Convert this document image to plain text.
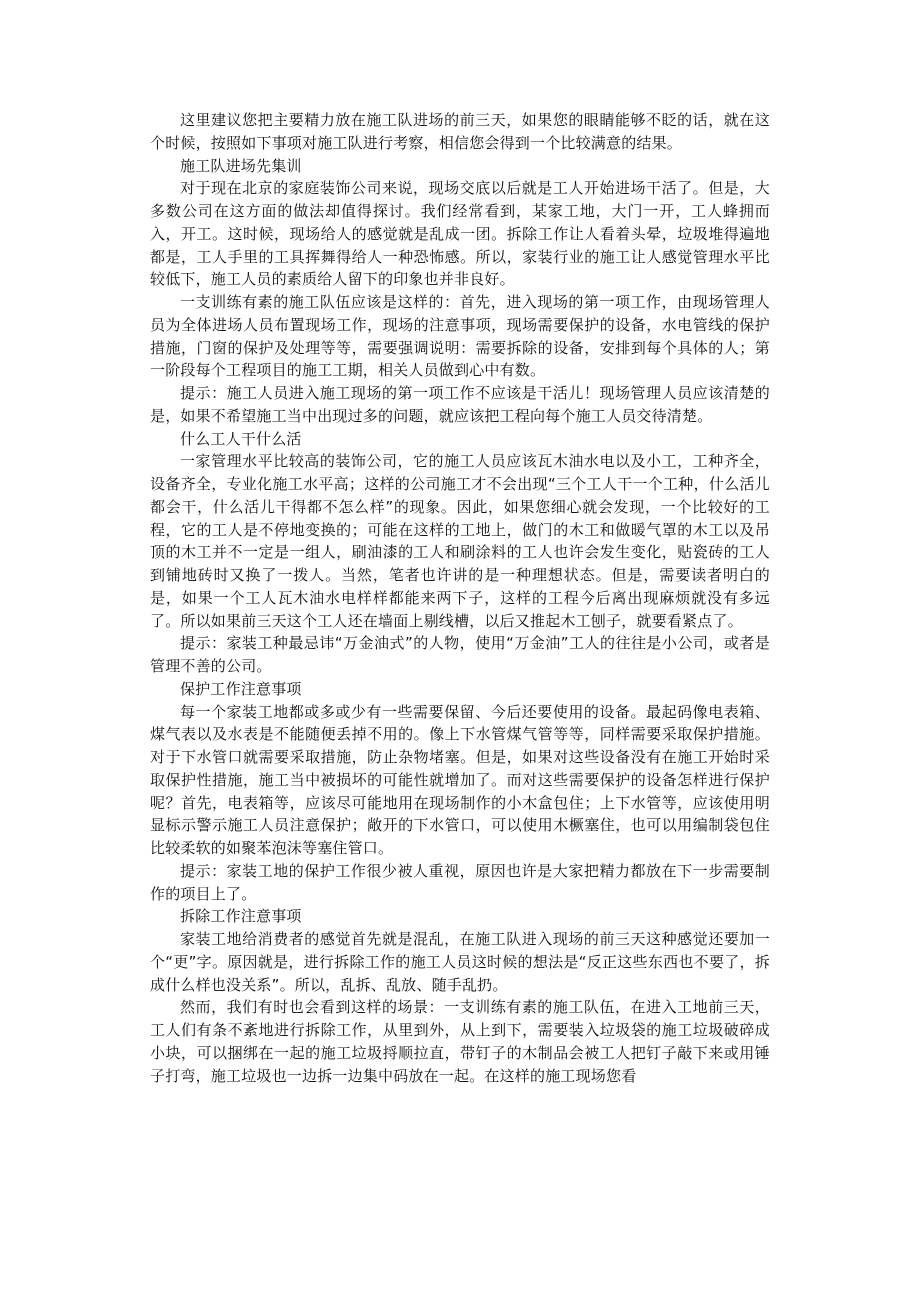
这里建议您把主要精力放在施工队进场的前三天，如果您的眼睛能够不眨的话，就在这个时候，按照如下事项对施工队进行考察，相信您会得到一个比较满意的结果。

施工队进场先集训

对于现在北京的家庭装饰公司来说，现场交底以后就是工人开始进场干活了。但是，大多数公司在这方面的做法却值得探讨。我们经常看到，某家工地，大门一开，工人蜂拥而入，开工。这时候，现场给人的感觉就是乱成一团。拆除工作让人看着头晕，垃圾堆得遍地都是，工人手里的工具挥舞得给人一种恐怖感。所以，家装行业的施工让人感觉管理水平比较低下，施工人员的素质给人留下的印象也并非良好。

一支训练有素的施工队伍应该是这样的：首先，进入现场的第一项工作，由现场管理人员为全体进场人员布置现场工作，现场的注意事项，现场需要保护的设备，水电管线的保护措施，门窗的保护及处理等等，需要强调说明：需要拆除的设备，安排到每个具体的人；第一阶段每个工程项目的施工工期，相关人员做到心中有数。

提示：施工人员进入施工现场的第一项工作不应该是干活儿！现场管理人员应该清楚的是，如果不希望施工当中出现过多的问题，就应该把工程向每个施工人员交待清楚。

什么工人干什么活

一家管理水平比较高的装饰公司，它的施工人员应该瓦木油水电以及小工，工种齐全，设备齐全，专业化施工水平高；这样的公司施工才不会出现“三个工人干一个工种，什么活儿都会干，什么活儿干得都不怎么样”的现象。因此，如果您细心就会发现，一个比较好的工程，它的工人是不停地变换的；可能在这样的工地上，做门的木工和做暖气罩的木工以及吊顶的木工并不一定是一组人，刷油漆的工人和刷涂料的工人也许会发生变化，贴瓷砖的工人到铺地砖时又换了一拨人。当然，笔者也许讲的是一种理想状态。但是，需要读者明白的是，如果一个工人瓦木油水电样样都能来两下子，这样的工程今后离出现麻烦就没有多远了。所以如果前三天这个工人还在墙面上剔线槽，以后又推起木工刨子，就要看紧点了。

提示：家装工种最忌讳“万金油式”的人物，使用“万金油”工人的往往是小公司，或者是管理不善的公司。

保护工作注意事项

每一个家装工地都或多或少有一些需要保留、今后还要使用的设备。最起码像电表箱、煤气表以及水表是不能随便丢掉不用的。像上下水管煤气管等等，同样需要采取保护措施。对于下水管口就需要采取措施，防止杂物堵塞。但是，如果对这些设备没有在施工开始时采取保护性措施，施工当中被损坏的可能性就增加了。而对这些需要保护的设备怎样进行保护呢？首先，电表箱等，应该尽可能地用在现场制作的小木盒包住；上下水管等，应该使用明显标示警示施工人员注意保护；敞开的下水管口，可以使用木橛塞住，也可以用编制袋包住比较柔软的如聚苯泡沫等塞住管口。

提示：家装工地的保护工作很少被人重视，原因也许是大家把精力都放在下一步需要制作的项目上了。

拆除工作注意事项

家装工地给消费者的感觉首先就是混乱，在施工队进入现场的前三天这种感觉还要加一个“更”字。原因就是，进行拆除工作的施工人员这时候的想法是“反正这些东西也不要了，拆成什么样也没关系”。所以，乱拆、乱放、随手乱扔。

然而，我们有时也会看到这样的场景：一支训练有素的施工队伍，在进入工地前三天，工人们有条不紊地进行拆除工作，从里到外，从上到下，需要装入垃圾袋的施工垃圾破碎成小块，可以捆绑在一起的施工垃圾捋顺拉直，带钉子的木制品会被工人把钉子敲下来或用锤子打弯，施工垃圾也一边拆一边集中码放在一起。在这样的施工现场您看
